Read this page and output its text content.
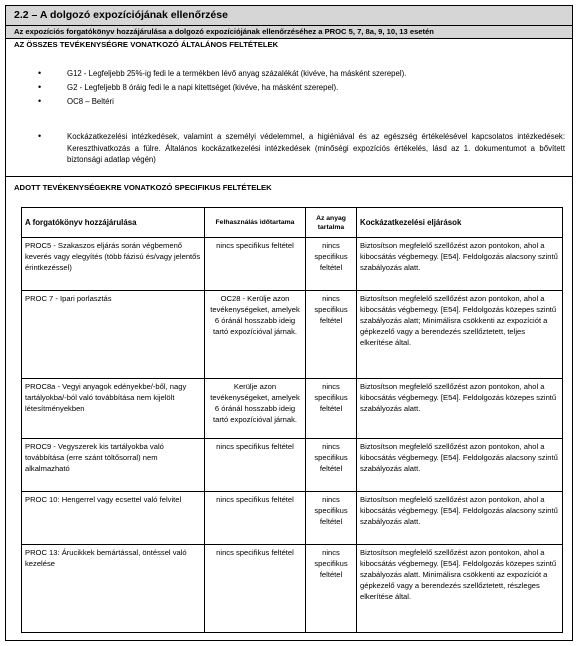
2.2 – A dolgozó expozíciójának ellenőrzése
Az expozíciós forgatókönyv hozzájárulása a dolgozó expozíciójának ellenőrzéséhez a PROC 5, 7, 8a, 9, 10, 13 esetén
AZ ÖSSZES TEVÉKENYSÉGRE VONATKOZÓ ÁLTALÁNOS FELTÉTELEK
•	G12 - Legfeljebb 25%-ig fedi le a termékben lévő anyag százalékát (kivéve, ha másként szerepel).
•	G2 - Legfeljebb 8 óráig fedi le a napi kitettséget (kivéve, ha másként szerepel).
•	OC8 – Beltéri
•	Kockázatkezelési intézkedések, valamint a személyi védelemmel, a higiéniával és az egészség értékelésével kapcsolatos intézkedések: Kereszthivatkozás a fülre. Általános kockázatkezelési intézkedések (minőségi expozíciós értékelés, lásd az 1. dokumentumot a bővített biztonsági adatlap végén)
ADOTT TEVÉKENYSÉGEKRE VONATKOZÓ SPECIFIKUS FELTÉTELEK
A forgatókönyv hozzájárulása	Felhasználás időtartama	Az anyag tartalma	Kockázatkezelési eljárások
PROC5 - Szakaszos eljárás során végbemenő keverés vagy elegyítés (több fázisú és/vagy jelentős érintkezéssel)	nincs specifikus feltétel	nincs specifikus feltétel	Biztosítson megfelelő szellőzést azon pontokon, ahol a kibocsátás végbemegy. [E54]. Feldolgozás alacsony szintű szabályozás alatt.
PROC 7 - Ipari porlasztás	OC28 - Kerülje azon tevékenységeket, amelyek 6 óránál hosszabb ideig tartó expozícióval járnak.	nincs specifikus feltétel	Biztosítson megfelelő szellőzést azon pontokon, ahol a kibocsátás végbemegy. [E54]. Feldolgozás közepes szintű szabályozás alatt; Minimálisra csökkenti az expozíciót a gépkezelő vagy a berendezés szellőztetett, teljes elkerítése által.
PROC8a - Vegyi anyagok edényekbe/-ből, nagy tartályokba/-ból való továbbítása nem kijelölt létesítményekben	Kerülje azon tevékenységeket, amelyek 6 óránál hosszabb ideig tartó expozícióval járnak.	nincs specifikus feltétel	Biztosítson megfelelő szellőzést azon pontokon, ahol a kibocsátás végbemegy. [E54]. Feldolgozás közepes szintű szabályozás alatt.
PROC9 - Vegyszerek kis tartályokba való továbbítása (erre szánt töltősorral) nem alkalmazható	nincs specifikus feltétel	nincs specifikus feltétel	Biztosítson megfelelő szellőzést azon pontokon, ahol a kibocsátás végbemegy. [E54]. Feldolgozás alacsony szintű szabályozás alatt.
PROC 10: Hengerrel vagy ecsettel való felvitel	nincs specifikus feltétel	nincs specifikus feltétel	Biztosítson megfelelő szellőzést azon pontokon, ahol a kibocsátás végbemegy. [E54]. Feldolgozás alacsony szintű szabályozás alatt.
PROC 13: Árucikkek bemártással, öntéssel való kezelése	nincs specifikus feltétel	nincs specifikus feltétel	Biztosítson megfelelő szellőzést azon pontokon, ahol a kibocsátás végbemegy. [E54]. Feldolgozás közepes szintű szabályozás alatt. Minimálisra csökkenti az expozíciót a gépkezelő vagy a berendezés szellőztetett, részleges elkerítése által.
